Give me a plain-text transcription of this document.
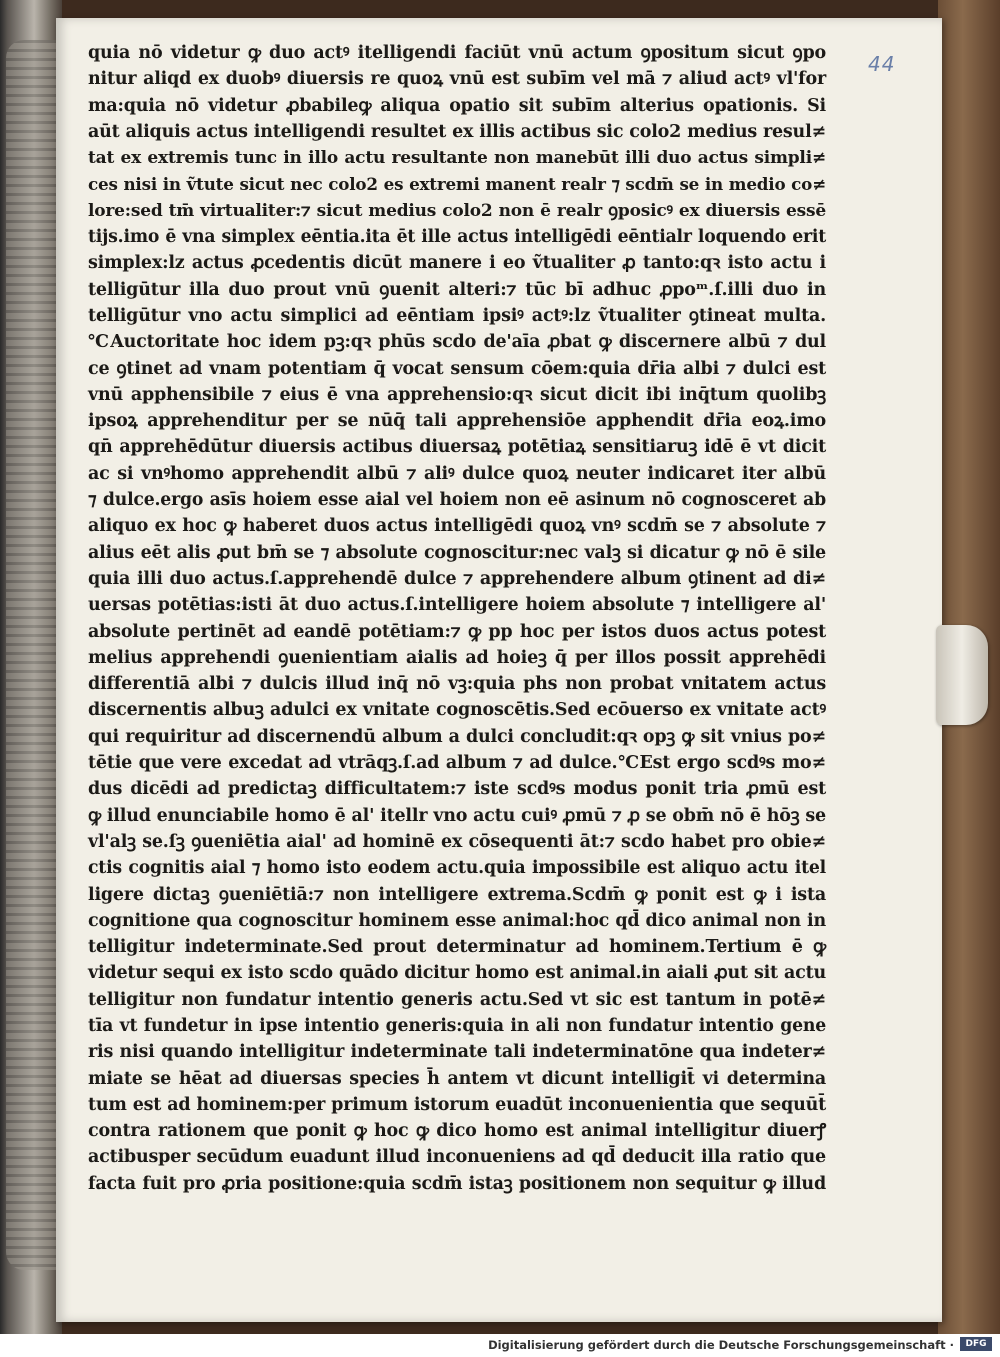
44
quia nō videtur ꝙ duo actꝰ itelligendi faciūt vnū actum ꝯpositum sicut ꝯpo
nitur aliqd ex duobꝰ diuersis re quoꝝ vnū est subīm vel mā ⁊ aliud actꝰ vl'for
ma:quia nō videtur ꝓbabileꝙ aliqua opatio sit subīm alterius opationis. Si
aūt aliquis actus intelligendi resultet ex illis actibus sic colo2 medius resul≠
tat ex extremis tunc in illo actu resultante non manebūt illi duo actus simpli≠
ces nisi in ṽtute sicut nec colo2 es extremi manent realr ⁊ scdm̄ se in medio co≠
lore:sed tm̄ virtualiter:⁊ sicut medius colo2 non ē realr ꝯposicꝰ ex diuersis essē
tijs.imo ē vna simplex eēntia.ita ēt ille actus intelligēdi eēntialr loquendo erit
simplex:lz actus ꝓcedentis dicūt manere i eo ṽtualiter ꝓ tanto:qꝛ isto actu i
telligūtur illa duo prout vnū ꝯuenit alteri:⁊ tūc bī adhuc ꝓpoᵐ.ſ.illi duo in
telligūtur vno actu simplici ad eēntiam ipsiꝰ actꝰ:lz ṽtualiter ꝯtineat multa.
℃Auctoritate hoc idem pꝫ:qꝛ phūs scdo de'aīa ꝓbat ꝙ discernere albū ⁊ dul
ce ꝯtinet ad vnam potentiam q̄ vocat sensum cōem:quia dr̄ia albi ⁊ dulci est
vnū apphensibile ⁊ eius ē vna apprehensio:qꝛ sicut dicit ibi inq̄tum quolibꝫ
ipsoꝝ apprehenditur per se nūq̄ tali apprehensiōe apphendit dr̄ia eoꝝ.imo
qn̄ apprehēdūtur diuersis actibus diuersaꝝ potētiaꝝ sensitiaruꝫ idē ē vt dicit
ac si vnꝰhomo apprehendit albū ⁊ aliꝰ dulce quoꝝ neuter indicaret iter albū
⁊ dulce.ergo asīs hoiem esse aial vel hoiem non eē asinum nō cognosceret ab
aliquo ex hoc ꝙ haberet duos actus intelligēdi quoꝝ vnꝰ scdm̄ se ⁊ absolute ⁊
alius eēt alis ꝓut bm̄ se ⁊ absolute cognoscitur:nec valꝫ si dicatur ꝙ nō ē sile
quia illi duo actus.ſ.apprehendē dulce ⁊ apprehendere album ꝯtinent ad di≠
uersas potētias:isti āt duo actus.ſ.intelligere hoiem absolute ⁊ intelligere al'
absolute pertinēt ad eandē potētiam:⁊ ꝙ pp hoc per istos duos actus potest
melius apprehendi ꝯuenientiam aialis ad hoieꝫ q̄ per illos possit apprehēdi
differentiā albi ⁊ dulcis illud inq̄ nō vꝫ:quia phs non probat vnitatem actus
discernentis albuꝫ adulci ex vnitate cognoscētis.Sed ecōuerso ex vnitate actꝰ
qui requiritur ad discernendū album a dulci concludit:qꝛ opꝫ ꝙ sit vnius po≠
tētie que vere excedat ad vtrāqꝫ.ſ.ad album ⁊ ad dulce.℃Est ergo scdꝰs mo≠
dus dicēdi ad predictaꝫ difficultatem:⁊ iste scdꝰs modus ponit tria ꝓmū est
ꝙ illud enunciabile homo ē al' itellr vno actu cuiꝰ ꝓmū ⁊ ꝓ se obm̄ nō ē hōꝫ se
vl'alꝫ se.ſꝫ ꝯueniētia aial' ad hominē ex cōsequenti āt:⁊ scdo habet pro obie≠
ctis cognitis aial ⁊ homo isto eodem actu.quia impossibile est aliquo actu itel
ligere dictaꝫ ꝯueniētiā:⁊ non intelligere extrema.Scdm̄ ꝙ ponit est ꝙ i ista
cognitione qua cognoscitur hominem esse animal:hoc qd̄ dico animal non in
telligitur indeterminate.Sed prout determinatur ad hominem.Tertium ē ꝙ
videtur sequi ex isto scdo quādo dicitur homo est animal.in aiali ꝓut sit actu
telligitur non fundatur intentio generis actu.Sed vt sic est tantum in potē≠
tīa vt fundetur in ipse intentio generis:quia in ali non fundatur intentio gene
ris nisi quando intelligitur indeterminate tali indeterminatōne qua indeter≠
miate se hēat ad diuersas species h̄ antem vt dicunt intelligit̄ vi determina
tum est ad hominem:per primum istorum euadūt inconuenientia que sequūt̄
contra rationem que ponit ꝙ hoc ꝙ dico homo est animal intelligitur diuerꝭ
actibusper secūdum euadunt illud inconueniens ad qd̄ deducit illa ratio que
facta fuit pro ꝓria positione:quia scdm̄ istaꝫ positionem non sequitur ꝙ illud
Digitalisierung gefördert durch die Deutsche Forschungsgemeinschaft ·	DFG
